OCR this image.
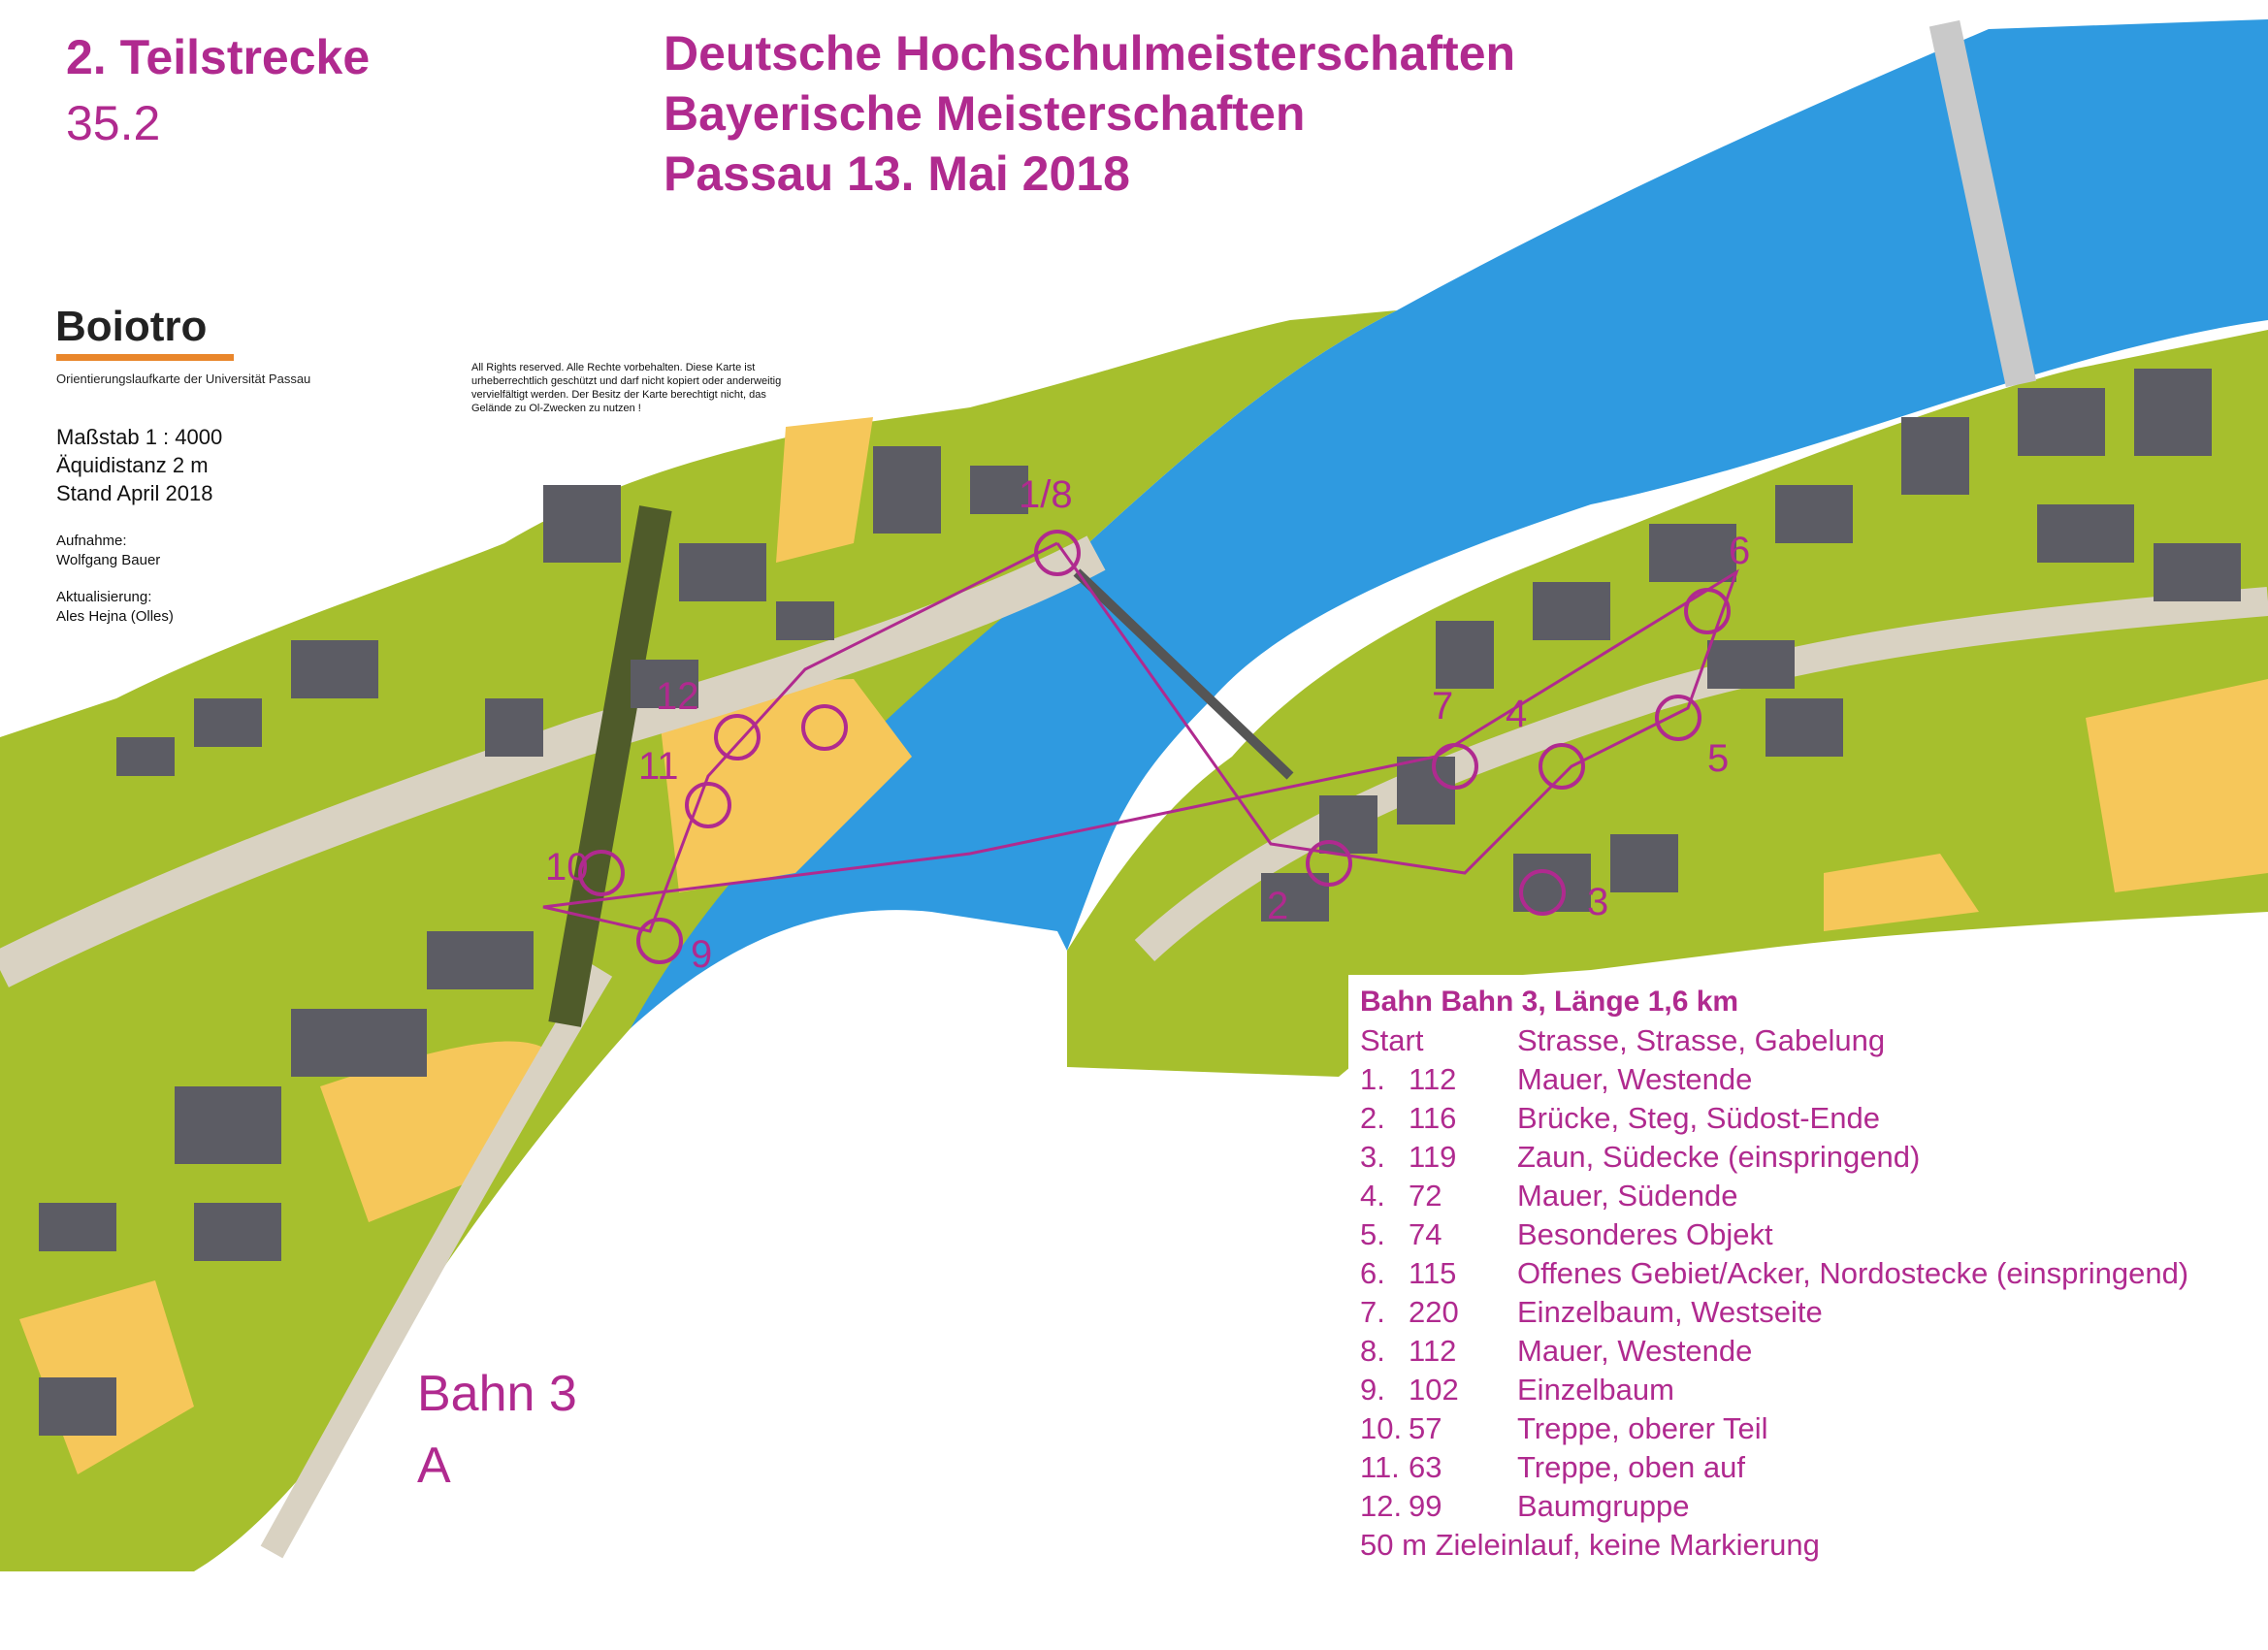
2. Teilstrecke
35.2
Deutsche Hochschulmeisterschaften
Bayerische Meisterschaften
Passau 13. Mai 2018
Boiotro
Orientierungslaufkarte der Universität Passau
Maßstab 1 : 4000
Äquidistanz 2 m
Stand April 2018
Aufnahme:
Wolfgang Bauer
Aktualisierung:
Ales Hejna (Olles)
All Rights reserved. Alle Rechte vorbehalten. Diese Karte ist urheberrechtlich geschützt und darf nicht kopiert oder anderweitig vervielfältigt werden. Der Besitz der Karte berechtigt nicht, das Gelände zu Ol-Zwecken zu nutzen !
1/8
2	3
4
5
6
7
9
10
11
12
Bahn 3
A
Bahn Bahn 3, Länge 1,6 km
Start	Strasse, Strasse, Gabelung
1. 112	Mauer, Westende
2. 116	Brücke, Steg, Südost-Ende
3. 119	Zaun, Südecke (einspringend)
4. 72	Mauer, Südende
5. 74	Besonderes Objekt
6. 115	Offenes Gebiet/Acker, Nordostecke (einspringend)
7. 220	Einzelbaum, Westseite
8. 112	Mauer, Westende
9. 102	Einzelbaum
10. 57	Treppe, oberer Teil
11. 63	Treppe, oben auf
12. 99	Baumgruppe
50 m Zieleinlauf, keine Markierung
